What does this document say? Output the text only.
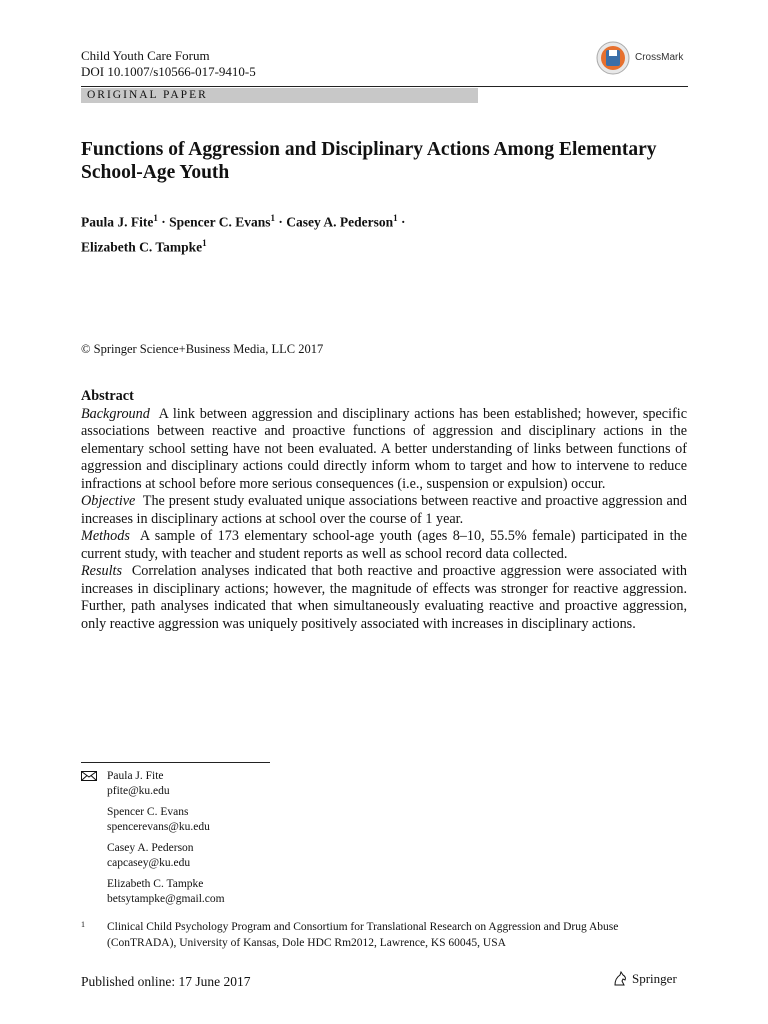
Child Youth Care Forum
DOI 10.1007/s10566-017-9410-5
CrossMark
ORIGINAL PAPER
Functions of Aggression and Disciplinary Actions Among Elementary School-Age Youth
Paula J. Fite$^1$ · Spencer C. Evans$^1$ · Casey A. Pederson$^1$ ·
Elizabeth C. Tampke$^1$
© Springer Science+Business Media, LLC 2017

Abstract

Background A link between aggression and disciplinary actions has been established; however, specific associations between reactive and proactive functions of aggression and disciplinary actions in the elementary school setting have not been evaluated. A better understanding of links between functions of aggression and disciplinary actions could directly inform whom to target and how to intervene to reduce infractions at school before more serious consequences (i.e., suspension or expulsion) occur.

Objective The present study evaluated unique associations between reactive and proactive aggression and increases in disciplinary actions at school over the course of 1 year.

Methods A sample of 173 elementary school-age youth (ages 8–10, 55.5% female) participated in the current study, with teacher and student reports as well as school record data collected.

Results Correlation analyses indicated that both reactive and proactive aggression were associated with increases in disciplinary actions; however, the magnitude of effects was stronger for reactive aggression. Further, path analyses indicated that when simultaneously evaluating reactive and proactive aggression, only reactive aggression was uniquely positively associated with increases in disciplinary actions.

Paula J. Fite
pfite@ku.edu
Spencer C. Evans
spencerevans@ku.edu
Casey A. Pederson
capcasey@ku.edu
Elizabeth C. Tampke
betsytampke@gmail.com
1	Clinical Child Psychology Program and Consortium for Translational Research on Aggression and Drug Abuse (ConTRADA), University of Kansas, Dole HDC Rm2012, Lawrence, KS 60045, USA
Published online: 17 June 2017	Springer
